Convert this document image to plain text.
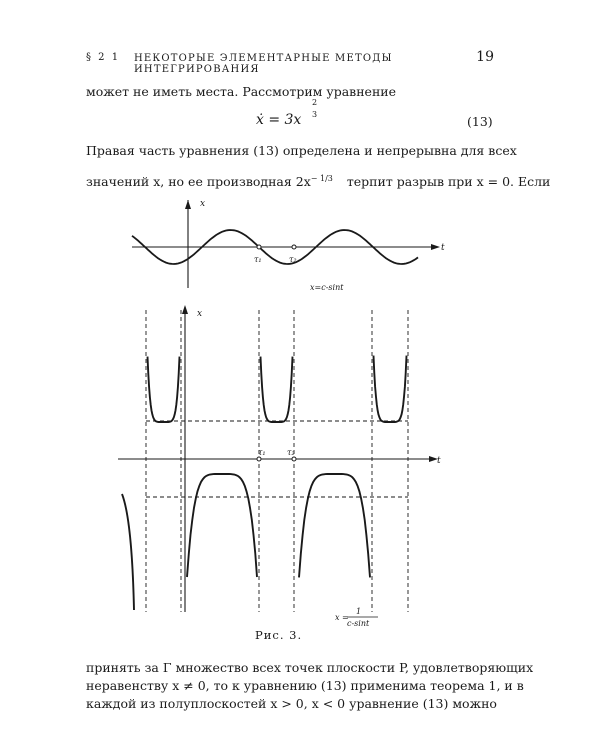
§ 2 1 НЕКОТОРЫЕ ЭЛЕМЕНТАРНЫЕ МЕТОДЫ ИНТЕГРИРОВАНИЯ
19
может не иметь места. Рассмотрим уравнение
ẋ = 3x
2
3	(13)
Правая часть уравнения (13) определена и непрерывна для всех
значений x, но ее производная $2x^{- 1/3}$ терпит разрыв при x = 0. Если
x
t
τ₁	τ₂
x=c-sint
x
t
τ₁	τ₂
x =
1
c-sint
Рис. 3.
принять за Γ множество всех точек плоскости P, удовлетворяющих
неравенству x ≠ 0, то к уравнению (13) применима теорема 1, и в
каждой из полуплоскостей x > 0, x < 0 уравнение (13) можно
